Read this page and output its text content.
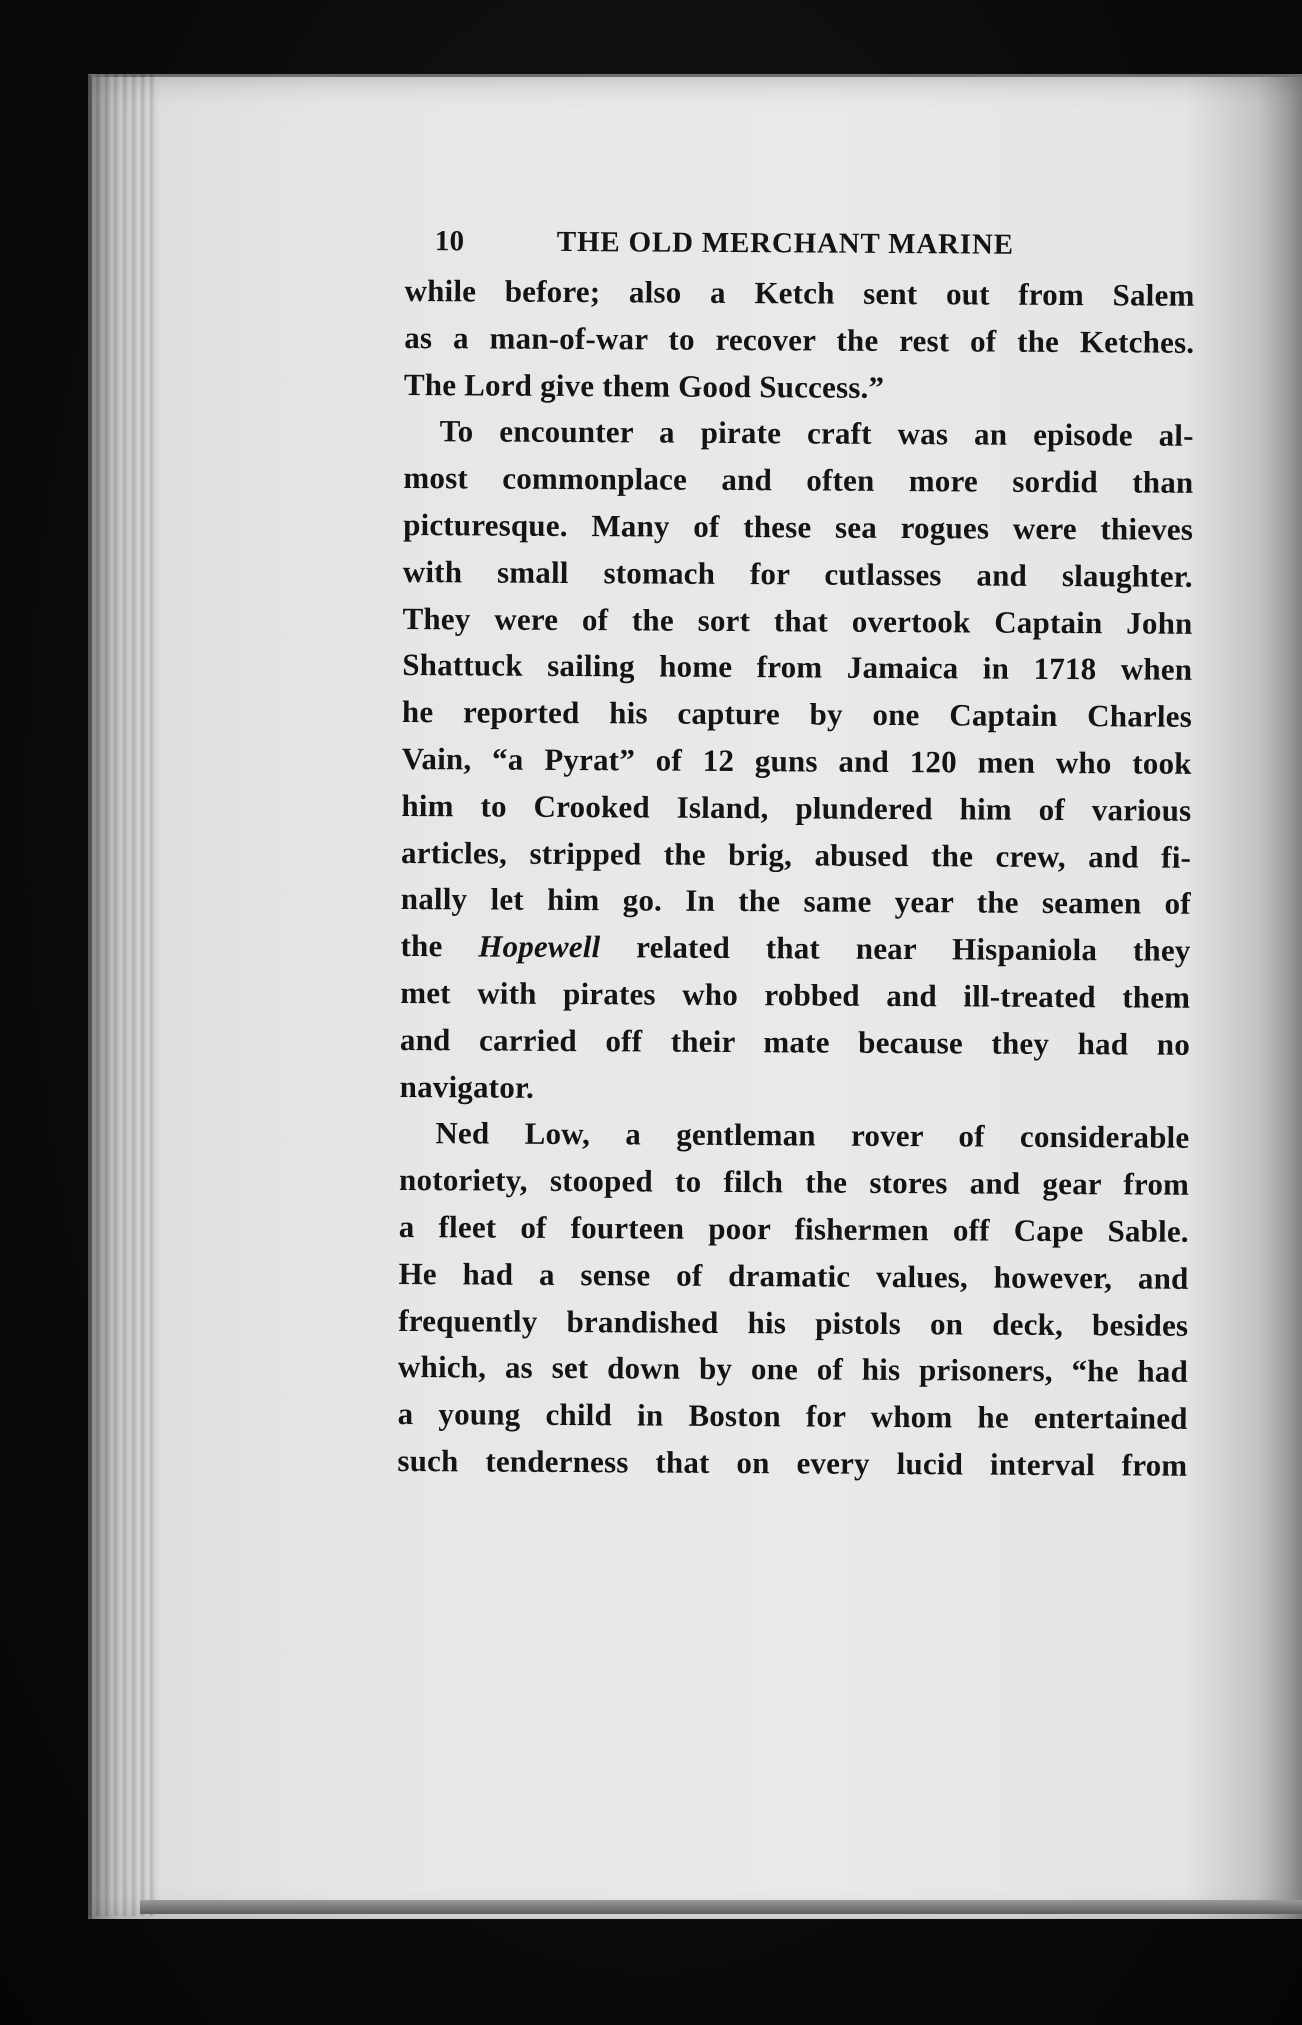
10	THE OLD MERCHANT MARINE
while before; also a Ketch sent out from Salem
as a man-of-war to recover the rest of the Ketches.
The Lord give them Good Success.”
To encounter a pirate craft was an episode al-
most commonplace and often more sordid than
picturesque. Many of these sea rogues were thieves
with small stomach for cutlasses and slaughter.
They were of the sort that overtook Captain John
Shattuck sailing home from Jamaica in 1718 when
he reported his capture by one Captain Charles
Vain, “a Pyrat” of 12 guns and 120 men who took
him to Crooked Island, plundered him of various
articles, stripped the brig, abused the crew, and fi-
nally let him go. In the same year the seamen of
the Hopewell related that near Hispaniola they
met with pirates who robbed and ill-treated them
and carried off their mate because they had no
navigator.
Ned Low, a gentleman rover of considerable
notoriety, stooped to filch the stores and gear from
a fleet of fourteen poor fishermen off Cape Sable.
He had a sense of dramatic values, however, and
frequently brandished his pistols on deck, besides
which, as set down by one of his prisoners, “he had
a young child in Boston for whom he entertained
such tenderness that on every lucid interval from
